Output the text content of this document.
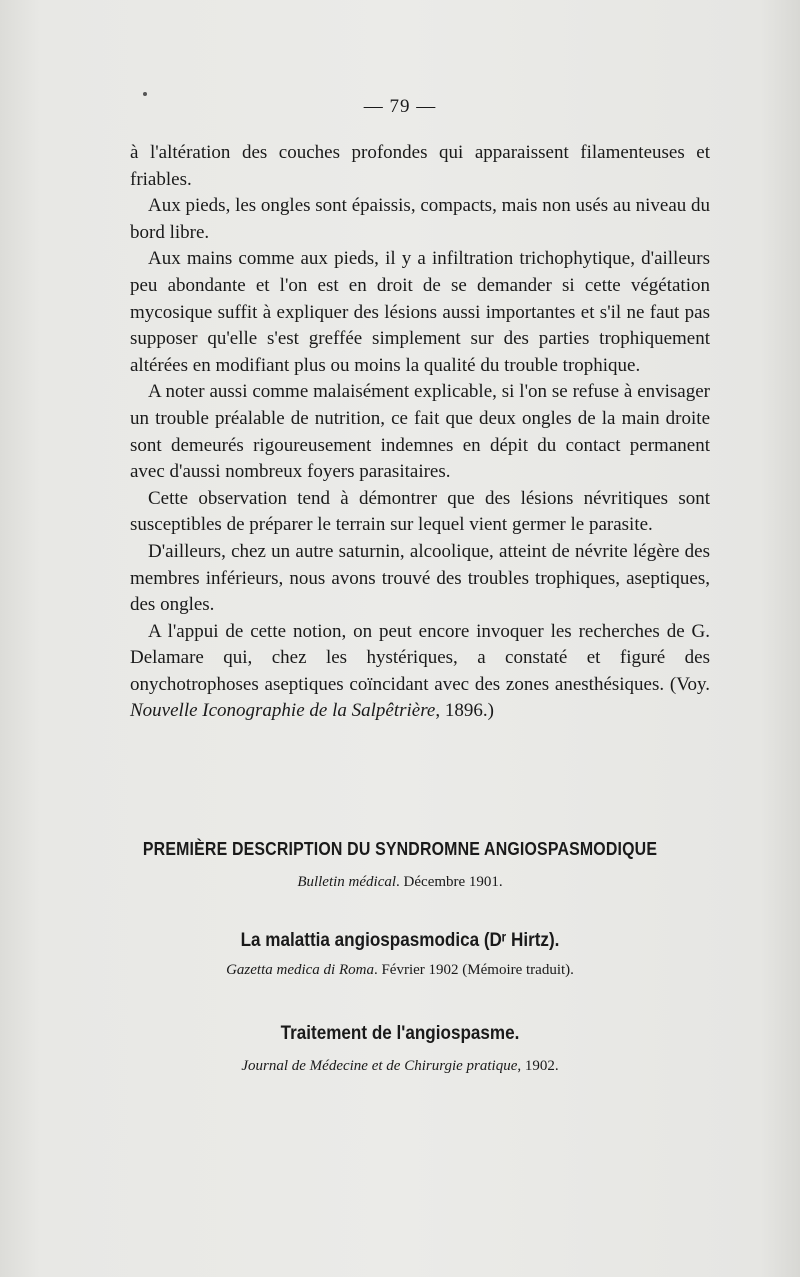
— 79 —

à l'altération des couches profondes qui apparaissent filamenteuses et friables.

Aux pieds, les ongles sont épaissis, compacts, mais non usés au niveau du bord libre.

Aux mains comme aux pieds, il y a infiltration trichophytique, d'ailleurs peu abondante et l'on est en droit de se demander si cette végétation mycosique suffit à expliquer des lésions aussi importantes et s'il ne faut pas supposer qu'elle s'est greffée simplement sur des parties trophiquement altérées en modifiant plus ou moins la qualité du trouble trophique.

A noter aussi comme malaisément explicable, si l'on se refuse à envisager un trouble préalable de nutrition, ce fait que deux ongles de la main droite sont demeurés rigoureusement indemnes en dépit du contact permanent avec d'aussi nombreux foyers parasitaires.

Cette observation tend à démontrer que des lésions névritiques sont susceptibles de préparer le terrain sur lequel vient germer le parasite.

D'ailleurs, chez un autre saturnin, alcoolique, atteint de névrite légère des membres inférieurs, nous avons trouvé des troubles trophiques, aseptiques, des ongles.

A l'appui de cette notion, on peut encore invoquer les recherches de G. Delamare qui, chez les hystériques, a constaté et figuré des onychotrophoses aseptiques coïncidant avec des zones anesthésiques. (Voy. Nouvelle Iconographie de la Salpêtrière, 1896.)

PREMIÈRE DESCRIPTION DU SYNDROMNE ANGIOSPASMODIQUE
Bulletin médical. Décembre 1901.
La malattia angiospasmodica (Dʳ Hirtz).
Gazetta medica di Roma. Février 1902 (Mémoire traduit).
Traitement de l'angiospasme.
Journal de Médecine et de Chirurgie pratique, 1902.
